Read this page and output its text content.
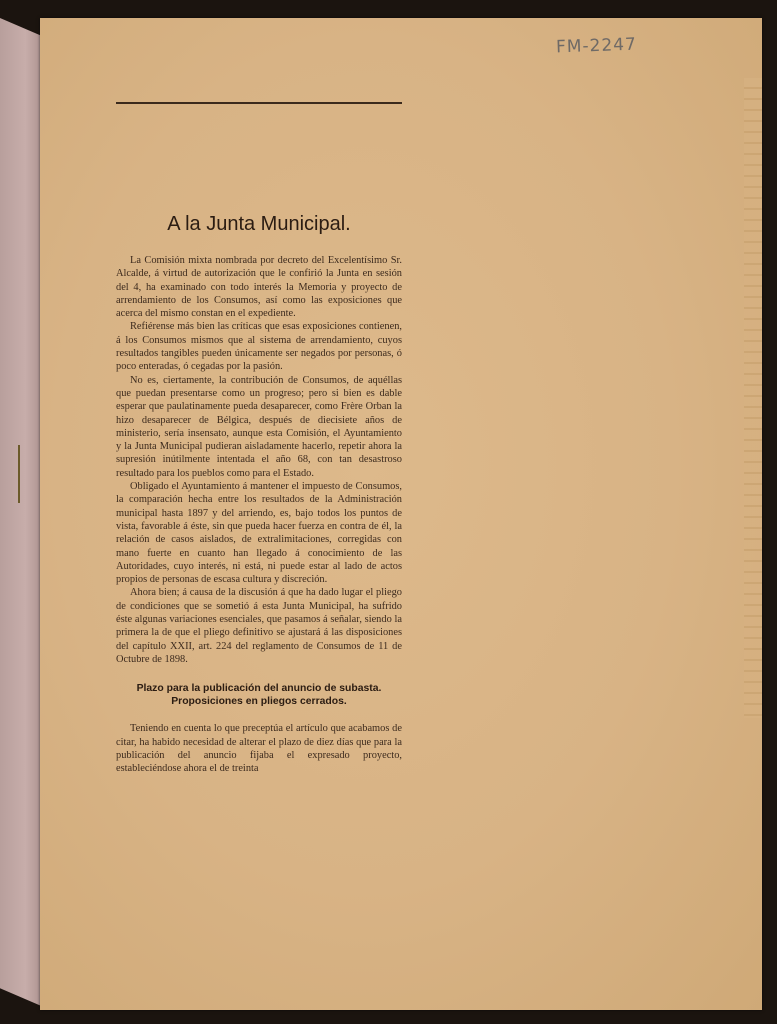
FM-2247
A la Junta Municipal.

La Comisión mixta nombrada por decreto del Excelentísimo Sr. Alcalde, á virtud de autorización que le confirió la Junta en sesión del 4, ha examinado con todo interés la Memoria y proyecto de arrendamiento de los Consumos, así como las exposiciones que acerca del mismo constan en el expediente.

Refiérense más bien las críticas que esas exposiciones contienen, á los Consumos mismos que al sistema de arrendamiento, cuyos resultados tangibles pueden únicamente ser negados por personas, ó poco enteradas, ó cegadas por la pasión.

No es, ciertamente, la contribución de Consumos, de aquéllas que puedan presentarse como un progreso; pero si bien es dable esperar que paulatinamente pueda desaparecer, como Frère Orban la hizo desaparecer de Bélgica, después de diecisiete años de ministerio, sería insensato, aunque esta Comisión, el Ayuntamiento y la Junta Municipal pudieran aisladamente hacerlo, repetir ahora la supresión inútilmente intentada el año 68, con tan desastroso resultado para los pueblos como para el Estado.

Obligado el Ayuntamiento á mantener el impuesto de Consumos, la comparación hecha entre los resultados de la Administración municipal hasta 1897 y del arriendo, es, bajo todos los puntos de vista, favorable á éste, sin que pueda hacer fuerza en contra de él, la relación de casos aislados, de extralimitaciones, corregidas con mano fuerte en cuanto han llegado á conocimiento de las Autoridades, cuyo interés, ni está, ni puede estar al lado de actos propios de personas de escasa cultura y discreción.

Ahora bien; á causa de la discusión á que ha dado lugar el pliego de condiciones que se sometió á esta Junta Municipal, ha sufrido éste algunas variaciones esenciales, que pasamos á señalar, siendo la primera la de que el pliego definitivo se ajustará á las disposiciones del capítulo XXII, art. 224 del reglamento de Consumos de 11 de Octubre de 1898.

Plazo para la publicación del anuncio de subasta.
Proposiciones en pliegos cerrados.

Teniendo en cuenta lo que preceptúa el artículo que acabamos de citar, ha habido necesidad de alterar el plazo de diez días que para la publicación del anuncio fijaba el expresado proyecto, estableciéndose ahora el de treinta
